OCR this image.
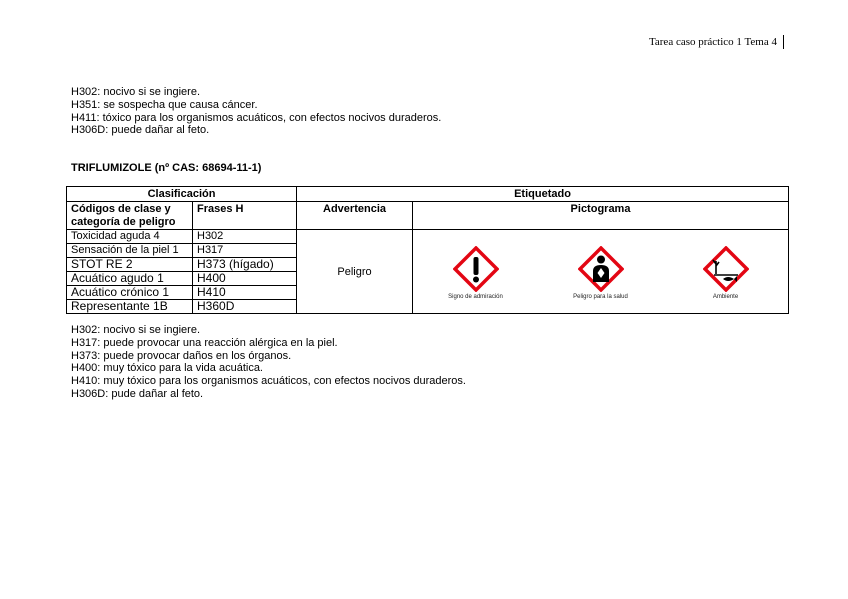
Tarea caso práctico 1 Tema 4
H302: nocivo si se ingiere.
H351: se sospecha que causa cáncer.
H411: tóxico para los organismos acuáticos, con efectos nocivos duraderos.
H306D: puede dañar al feto.
TRIFLUMIZOLE (nº CAS: 68694-11-1)
Clasificación		Etiquetado	
Códigos de clase y categoría de peligro	Frases H	Advertencia	Pictograma
Toxicidad aguda 4	H302	Peligro	Signo de admiración Peligro para la salud Ambiente

Sensación de la piel 1	H317		
STOT RE 2	H373 (hígado)		
Acuático agudo 1	H400		
Acuático crónico 1	H410		
Representante 1B	H360D		
H302: nocivo si se ingiere.
H317: puede provocar una reacción alérgica en la piel.
H373: puede provocar daños en los órganos.
H400: muy tóxico para la vida acuática.
H410: muy tóxico para los organismos acuáticos, con efectos nocivos duraderos.
H306D: pude dañar al feto.
